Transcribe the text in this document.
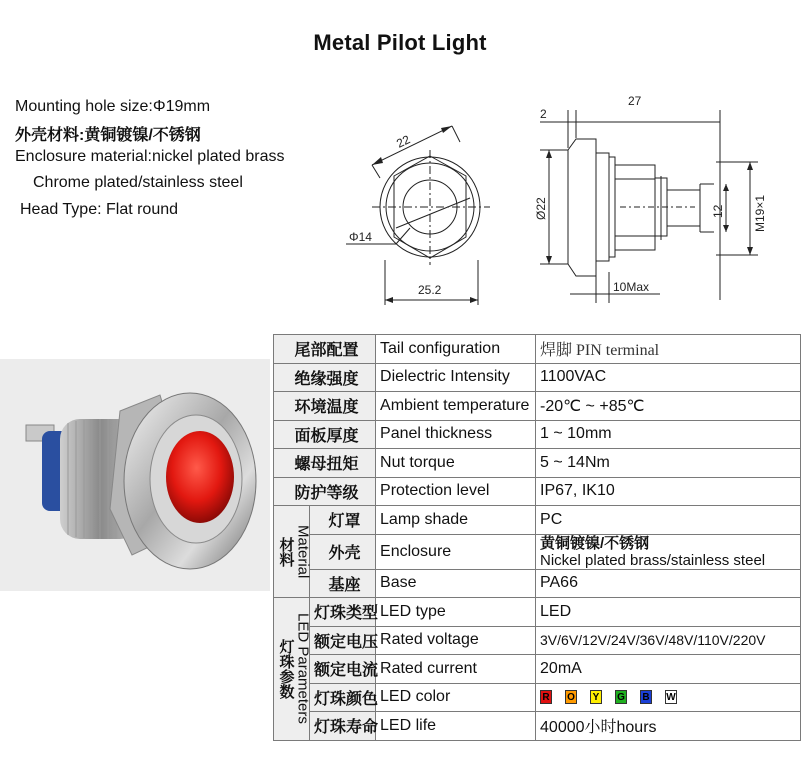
Metal Pilot Light
Mounting hole size:Φ19mm
外壳材料:黄铜镀镍/不锈钢
Enclosure material:nickel plated brass
Chrome plated/stainless steel
Head Type: Flat round
22
Φ14
25.2
2
27
Ø22	12 M19×1
10Max
尾部配置		Tail configuration	焊脚 PIN terminal
绝缘强度		Dielectric Intensity	1100VAC
环境温度		Ambient temperature	-20℃ ~ +85℃
面板厚度		Panel thickness	1 ~ 10mm
螺母扭矩		Nut torque	5 ~ 14Nm
防护等级		Protection level	IP67, IK10

材料 Material	灯罩	Lamp shade	PC
	外壳	Enclosure	黄铜镀镍/不锈钢
Nickel plated brass/stainless steel
	基座	Base	PA66

灯珠参数 LED Parameters	灯珠类型	LED type	LED
	额定电压	Rated voltage	3V/6V/12V/24V/36V/48V/110V/220V
	额定电流	Rated current	20mA
	灯珠颜色	LED color	R O Y G B W
	灯珠寿命	LED life	40000小时hours
